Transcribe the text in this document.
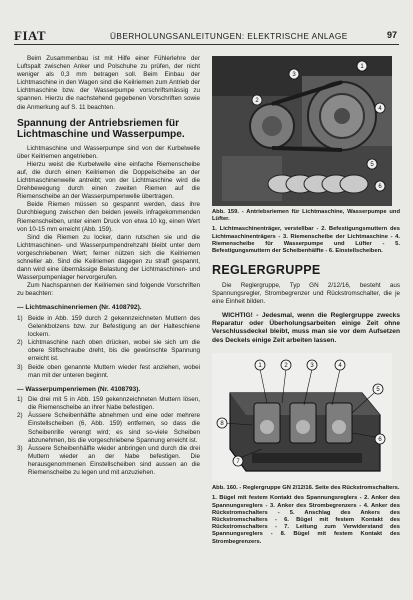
FIAT	ÜBERHOLUNGSANLEITUNGEN: ELEKTRISCHE ANLAGE	97

Beim Zusammenbau ist mit Hilfe einer Fühlerlehre der Luftspalt zwischen Anker und Polschuhe zu prüfen, der nicht weniger als 0,3 mm betragen soll. Beim Einbau der Lichtmaschine in den Wagen sind die Keilriemen zum Antrieb der Lichtmaschine bzw. der Wasserpumpe vorschriftsmässig zu spannen. Hierzu die nachstehend gegebenen Vorschriften sowie die Anmerkung auf S. 11 beachten.

Spannung der Antriebsriemen für Lichtmaschine und Wasserpumpe.

Lichtmaschine und Wasserpumpe sind von der Kurbelwelle über Keilriemen angetrieben.

Hierzu weist die Kurbelwelle eine einfache Riemenscheibe auf, die durch einen Keilriemen die Doppelscheibe an der Lichtmaschinenwelle antreibt; von der Lichtmaschine wird die Drehbewegung durch einen zweiten Riemen auf die Riemenscheibe an der Wasserpumpenwelle übertragen.

Beide Riemen müssen so gespannt werden, dass ihre Durchbiegung zwischen den beiden jeweils infragekommenden Riemenscheiben, unter einem Druck von etwa 10 kg, einen Wert von 10-15 mm erreicht (Abb. 159).

Sind die Riemen zu locker, dann rutschen sie und die Lichtmaschinen- und Wasserpumpendrehzahl bleibt unter dem vorgeschriebenen Wert; ferner nützen sich die Keilriemen schneller ab. Sind die Keilriemen dagegen zu straff gespannt, dann wird eine übermässige Belastung der Lichtmaschinen- und Wasserpumpenlager hervorgerufen.

Zum Nachspannen der Keilriemen sind folgende Vorschriften zu beachten:

— Lichtmaschinenriemen (Nr. 4108792).

1) Beide in Abb. 159 durch 2 gekennzeichneten Muttern des Gelenkbolzens bzw. zur Befestigung an der Halteschiene lockern.
2) Lichtmaschine nach oben drücken, wobei sie sich um die obere Stiftschraube dreht, bis die gewünschte Spannung erreicht ist.
3) Beide oben genannte Muttern wieder fest anziehen, wobei man mit der unteren beginnt.

— Wasserpumpenriemen (Nr. 4108793).

1) Die drei mit 5 in Abb. 159 gekennzeichneten Muttern lösen, die Riemenscheibe an ihrer Nabe befestigen.
2) Äussere Scheibenhälfte abnehmen und eine oder mehrere Einstellscheiben (6, Abb. 159) entfernen, so dass die Scheibenrille verengt wird; es sind so-viele Scheiben abzunehmen, bis die vorgeschriebene Spannung erreicht ist.
3) Äussere Scheibenhälfte wieder anbringen und durch die drei Muttern wieder an der Nabe befestigen. Die herausgenommenen Einstellscheiben sind aussen an die Riemenscheibe zu legen und mit anzuziehen.
1
2
3
4
5
6

Abb. 159. - Antriebsriemen für Lichtmaschine, Wasserpumpe und Lüfter.

1. Lichtmaschinenträger, verstellbar - 2. Befestigungsmuttern des Lichtmaschinenträgers - 3. Riemenscheibe der Lichtmaschine - 4. Riemenscheibe für Wasserpumpe und Lüfter - 5. Befestigungsmuttern der Scheibenhälfte - 6. Einstellscheiben.

REGLERGRUPPE

Die Reglergruppe, Typ GN 2/12/16, besteht aus Spannungsregler, Strombegrenzer und Rückstromschalter, die je eine Einheit bilden.

WICHTIG! - Jedesmal, wenn die Reglergruppe zwecks Reparatur oder Überholungsarbeiten einige Zeit ohne Verschlussdeckel bleibt, muss man sie vor dem Aufsetzen des Deckels einige Zeit arbeiten lassen.

1	2	3	4
5
6
7
8

Abb. 160. - Reglergruppe GN 2/12/16. Seite des Rückstromschalters.

1. Bügel mit festem Kontakt des Spannungsreglers - 2. Anker des Spannungsreglers - 3. Anker des Strombegrenzers - 4. Anker des Rückstromschalters - 5. Anschlag des Ankers des Rückstromschalters - 6. Bügel mit festem Kontakt des Rückstromschalters - 7. Leitung zum Verwiderstand des Spannungsreglers - 8. Bügel mit festem Kontakt des Strombegrenzers.
